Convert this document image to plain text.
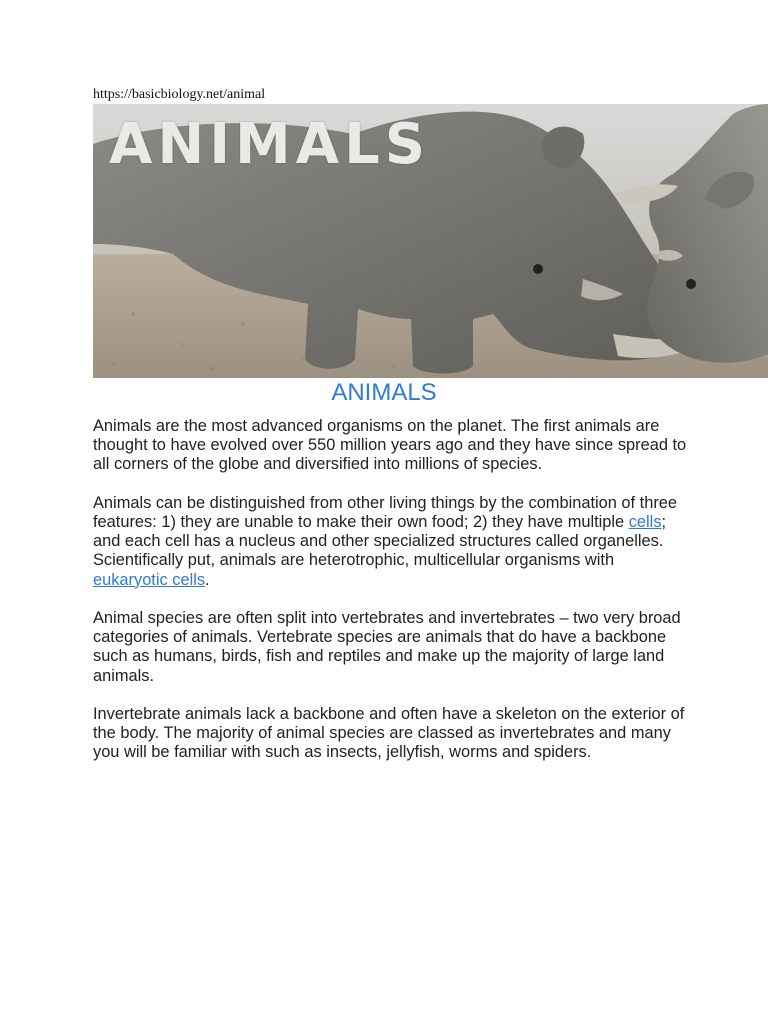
https://basicbiology.net/animal
ANIMALS
ANIMALS

Animals are the most advanced organisms on the planet. The first animals are thought to have evolved over 550 million years ago and they have since spread to all corners of the globe and diversified into millions of species.

Animals can be distinguished from other living things by the combination of three features: 1) they are unable to make their own food; 2) they have multiple cells; and each cell has a nucleus and other specialized structures called organelles. Scientifically put, animals are heterotrophic, multicellular organisms with eukaryotic cells.

Animal species are often split into vertebrates and invertebrates – two very broad categories of animals. Vertebrate species are animals that do have a backbone such as humans, birds, fish and reptiles and make up the majority of large land animals.

Invertebrate animals lack a backbone and often have a skeleton on the exterior of the body. The majority of animal species are classed as invertebrates and many you will be familiar with such as insects, jellyfish, worms and spiders.
